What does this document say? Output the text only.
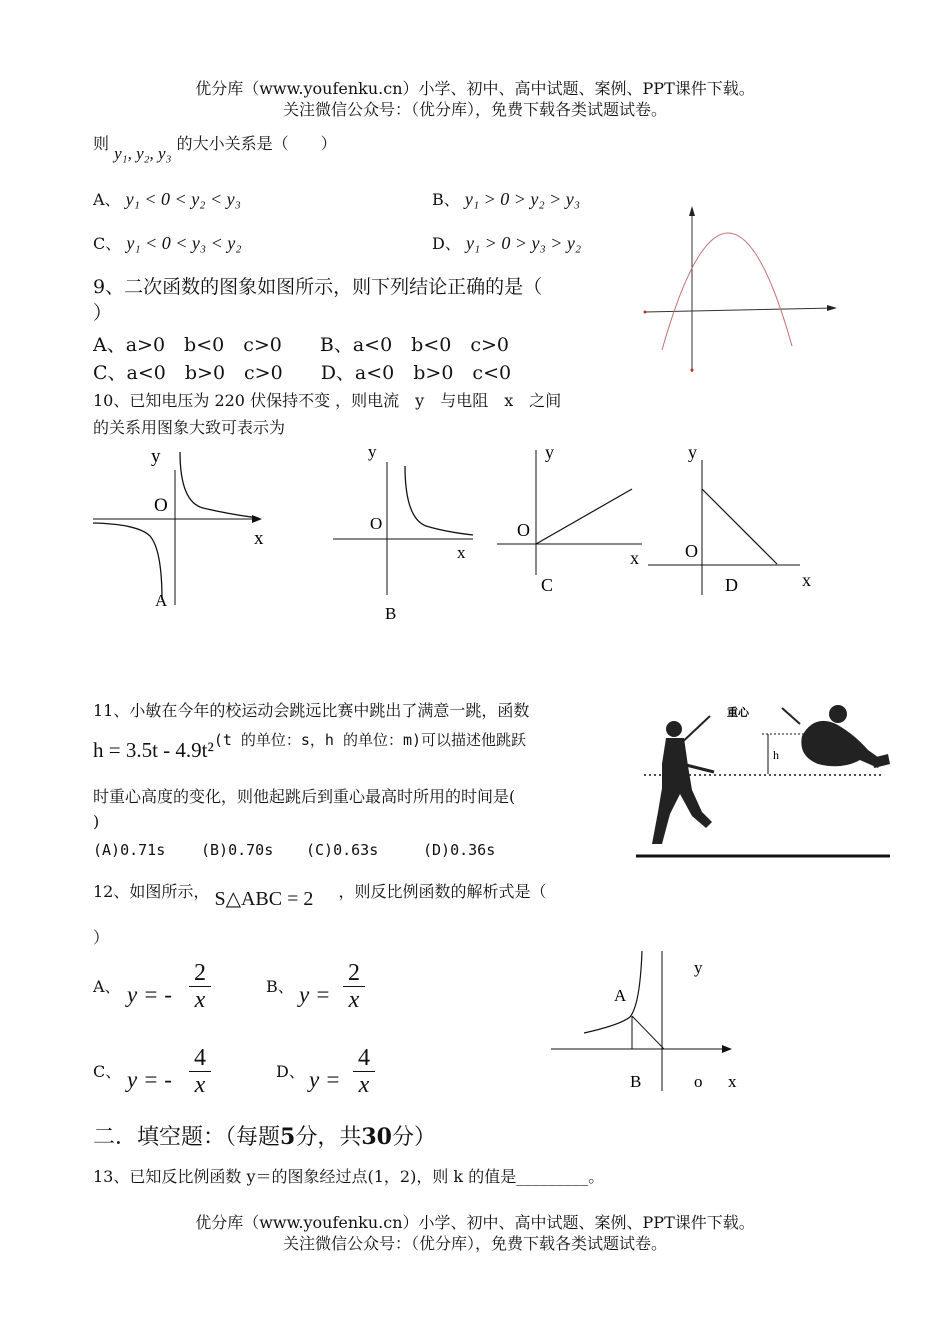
优分库（www.youfenku.cn）小学、初中、高中试题、案例、PPT课件下载。
关注微信公众号：（优分库），免费下载各类试题试卷。
则 y₁, y₂, y₃ 的大小关系是（　　）
A、 y₁ < 0 < y₂ < y₃	B、 y₁ > 0 > y₂ > y₃
C、 y₁ < 0 < y₃ < y₂	D、 y₁ > 0 > y₃ > y₂
9、二次函数的图象如图所示，则下列结论正确的是（
）
A、a>0　b<0　c>0　　B、a<0　b<0　c>0
C、a<0　b>0　c>0　　D、a<0　b>0　c<0
10、已知电压为 220 伏保持不变 ，则电流　y　与电阻　x　之间
的关系用图象大致可表示为
y
O
x
A
y
O
x
B
y
O
x
C
y
O
x
D
11、小敏在今年的校运动会跳远比赛中跳出了满意一跳，函数
h = 3.5t - 4.9t²(t 的单位：s，h 的单位：m)可以描述他跳跃
时重心高度的变化，则他起跳后到重心最高时所用的时间是(
)
(A)0.71s (B)0.70s (C)0.63s	(D)0.36s
h
重心
12、如图所示， S△ABC = 2 ，则反比例函数的解析式是（
）
A、 y = -
2
x
B、 y =
2
x
C、 y = -
4
x
D、 y =
4
x
y
A
B	o x
二．填空题：（每题5分，共30分）
13、已知反比例函数 y＝的图象经过点(1，2)，则 k 的值是_________。
优分库（www.youfenku.cn）小学、初中、高中试题、案例、PPT课件下载。
关注微信公众号：（优分库），免费下载各类试题试卷。
